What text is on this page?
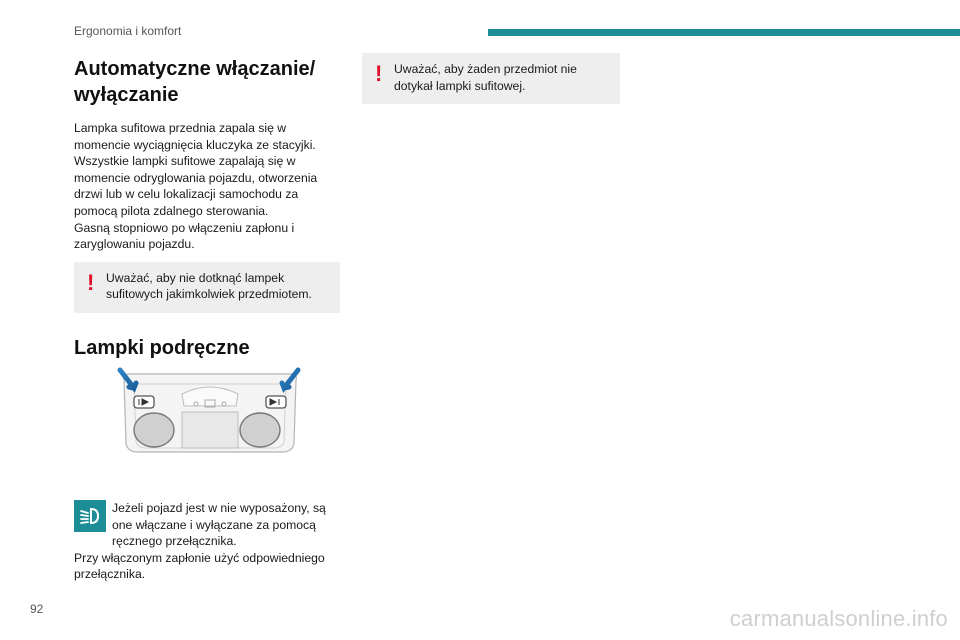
Ergonomia i komfort
Automatyczne włączanie/
wyłączanie

Lampka sufitowa przednia zapala się w momencie wyciągnięcia kluczyka ze stacyjki.

Wszystkie lampki sufitowe zapalają się w momencie odryglowania pojazdu, otworzenia drzwi lub w celu lokalizacji samochodu za pomocą pilota zdalnego sterowania.

Gasną stopniowo po włączeniu zapłonu i zaryglowaniu pojazdu.

! Uważać, aby nie dotknąć lampek sufitowych jakimkolwiek przedmiotem.
Lampki podręczne

Jeżeli pojazd jest w nie wyposażony, są one włączane i wyłączane za pomocą ręcznego przełącznika.

Przy włączonym zapłonie użyć odpowiedniego przełącznika.

! Uważać, aby żaden przedmiot nie dotykał lampki sufitowej.
92	carmanualsonline.info
